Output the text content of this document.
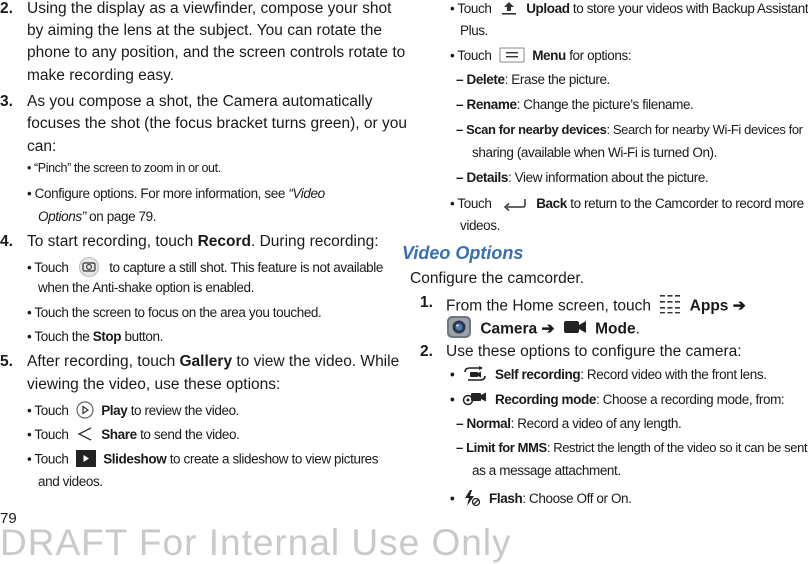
2. Using the display as a viewfinder, compose your shot
by aiming the lens at the subject. You can rotate the
phone to any position, and the screen controls rotate to
make recording easy.
3. As you compose a shot, the Camera automatically
focuses the shot (the focus bracket turns green), or you
can:
• “Pinch” the screen to zoom in or out.
• Configure options. For more information, see “Video
Options” on page 79.
4. To start recording, touch Record. During recording:
• Touch	to capture a still shot. This feature is not available
when the Anti-shake option is enabled.
• Touch the screen to focus on the area you touched.
• Touch the Stop button.
5. After recording, touch Gallery to view the video. While
viewing the video, use these options:
• Touch Play to review the video.
• Touch Share to send the video.
• Touch	Slideshow to create a slideshow to view pictures
and videos.
• Touch	Upload to store your videos with Backup Assistant
Plus.
• Touch	Menu for options:
– Delete: Erase the picture.
– Rename: Change the picture’s filename.
– Scan for nearby devices: Search for nearby Wi-Fi devices for
sharing (available when Wi-Fi is turned On).
– Details: View information about the picture.
• Touch	Back to return to the Camcorder to record more
videos.
Video Options
Configure the camcorder.
1. From the Home screen, touch Apps ➔
Camera ➔	Mode.
2. Use these options to configure the camera:
•	Self recording: Record video with the front lens.
•	Recording mode: Choose a recording mode, from:
– Normal: Record a video of any length.
– Limit for MMS: Restrict the length of the video so it can be sent
as a message attachment.
•	Flash: Choose Off or On.
79
DRAFT For Internal Use Only
